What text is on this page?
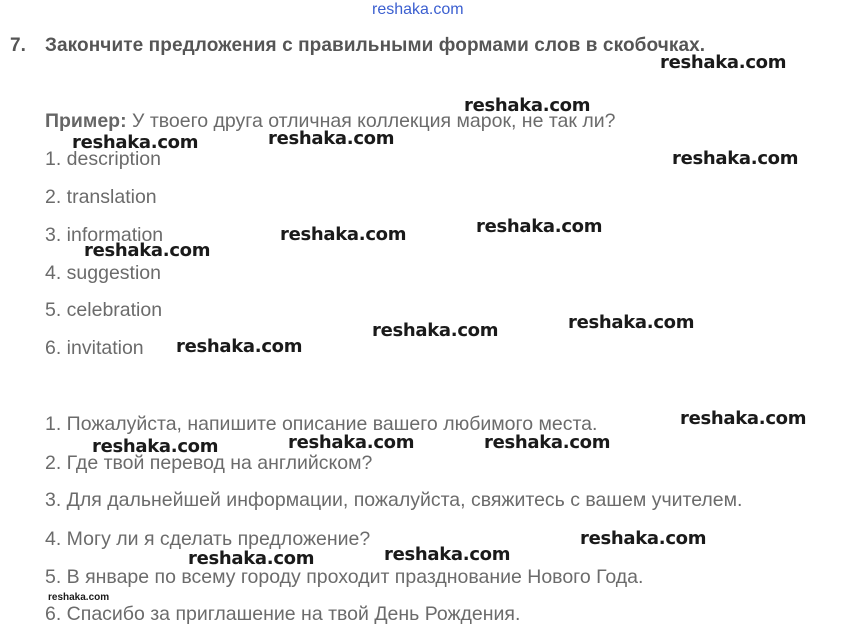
reshaka.com
7. Закончите предложения с правильными формами слов в скобочках.
Пример: У твоего друга отличная коллекция марок, не так ли?
1. description
2. translation
3. information
4. suggestion
5. celebration
6. invitation
1. Пожалуйста, напишите описание вашего любимого места.
2. Где твой перевод на английском?
3. Для дальнейшей информации, пожалуйста, свяжитесь с вашем учителем.
4. Могу ли я сделать предложение?
5. В январе по всему городу проходит празднование Нового Года.
6. Спасибо за приглашение на твой День Рождения.
reshaka.com
reshaka.com
reshaka.com
reshaka.com
reshaka.com
reshaka.com
reshaka.com
reshaka.com
reshaka.com
reshaka.com
reshaka.com
reshaka.com
reshaka.com	reshaka.com
reshaka.com
reshaka.com
reshaka.com
reshaka.com
reshaka.com
